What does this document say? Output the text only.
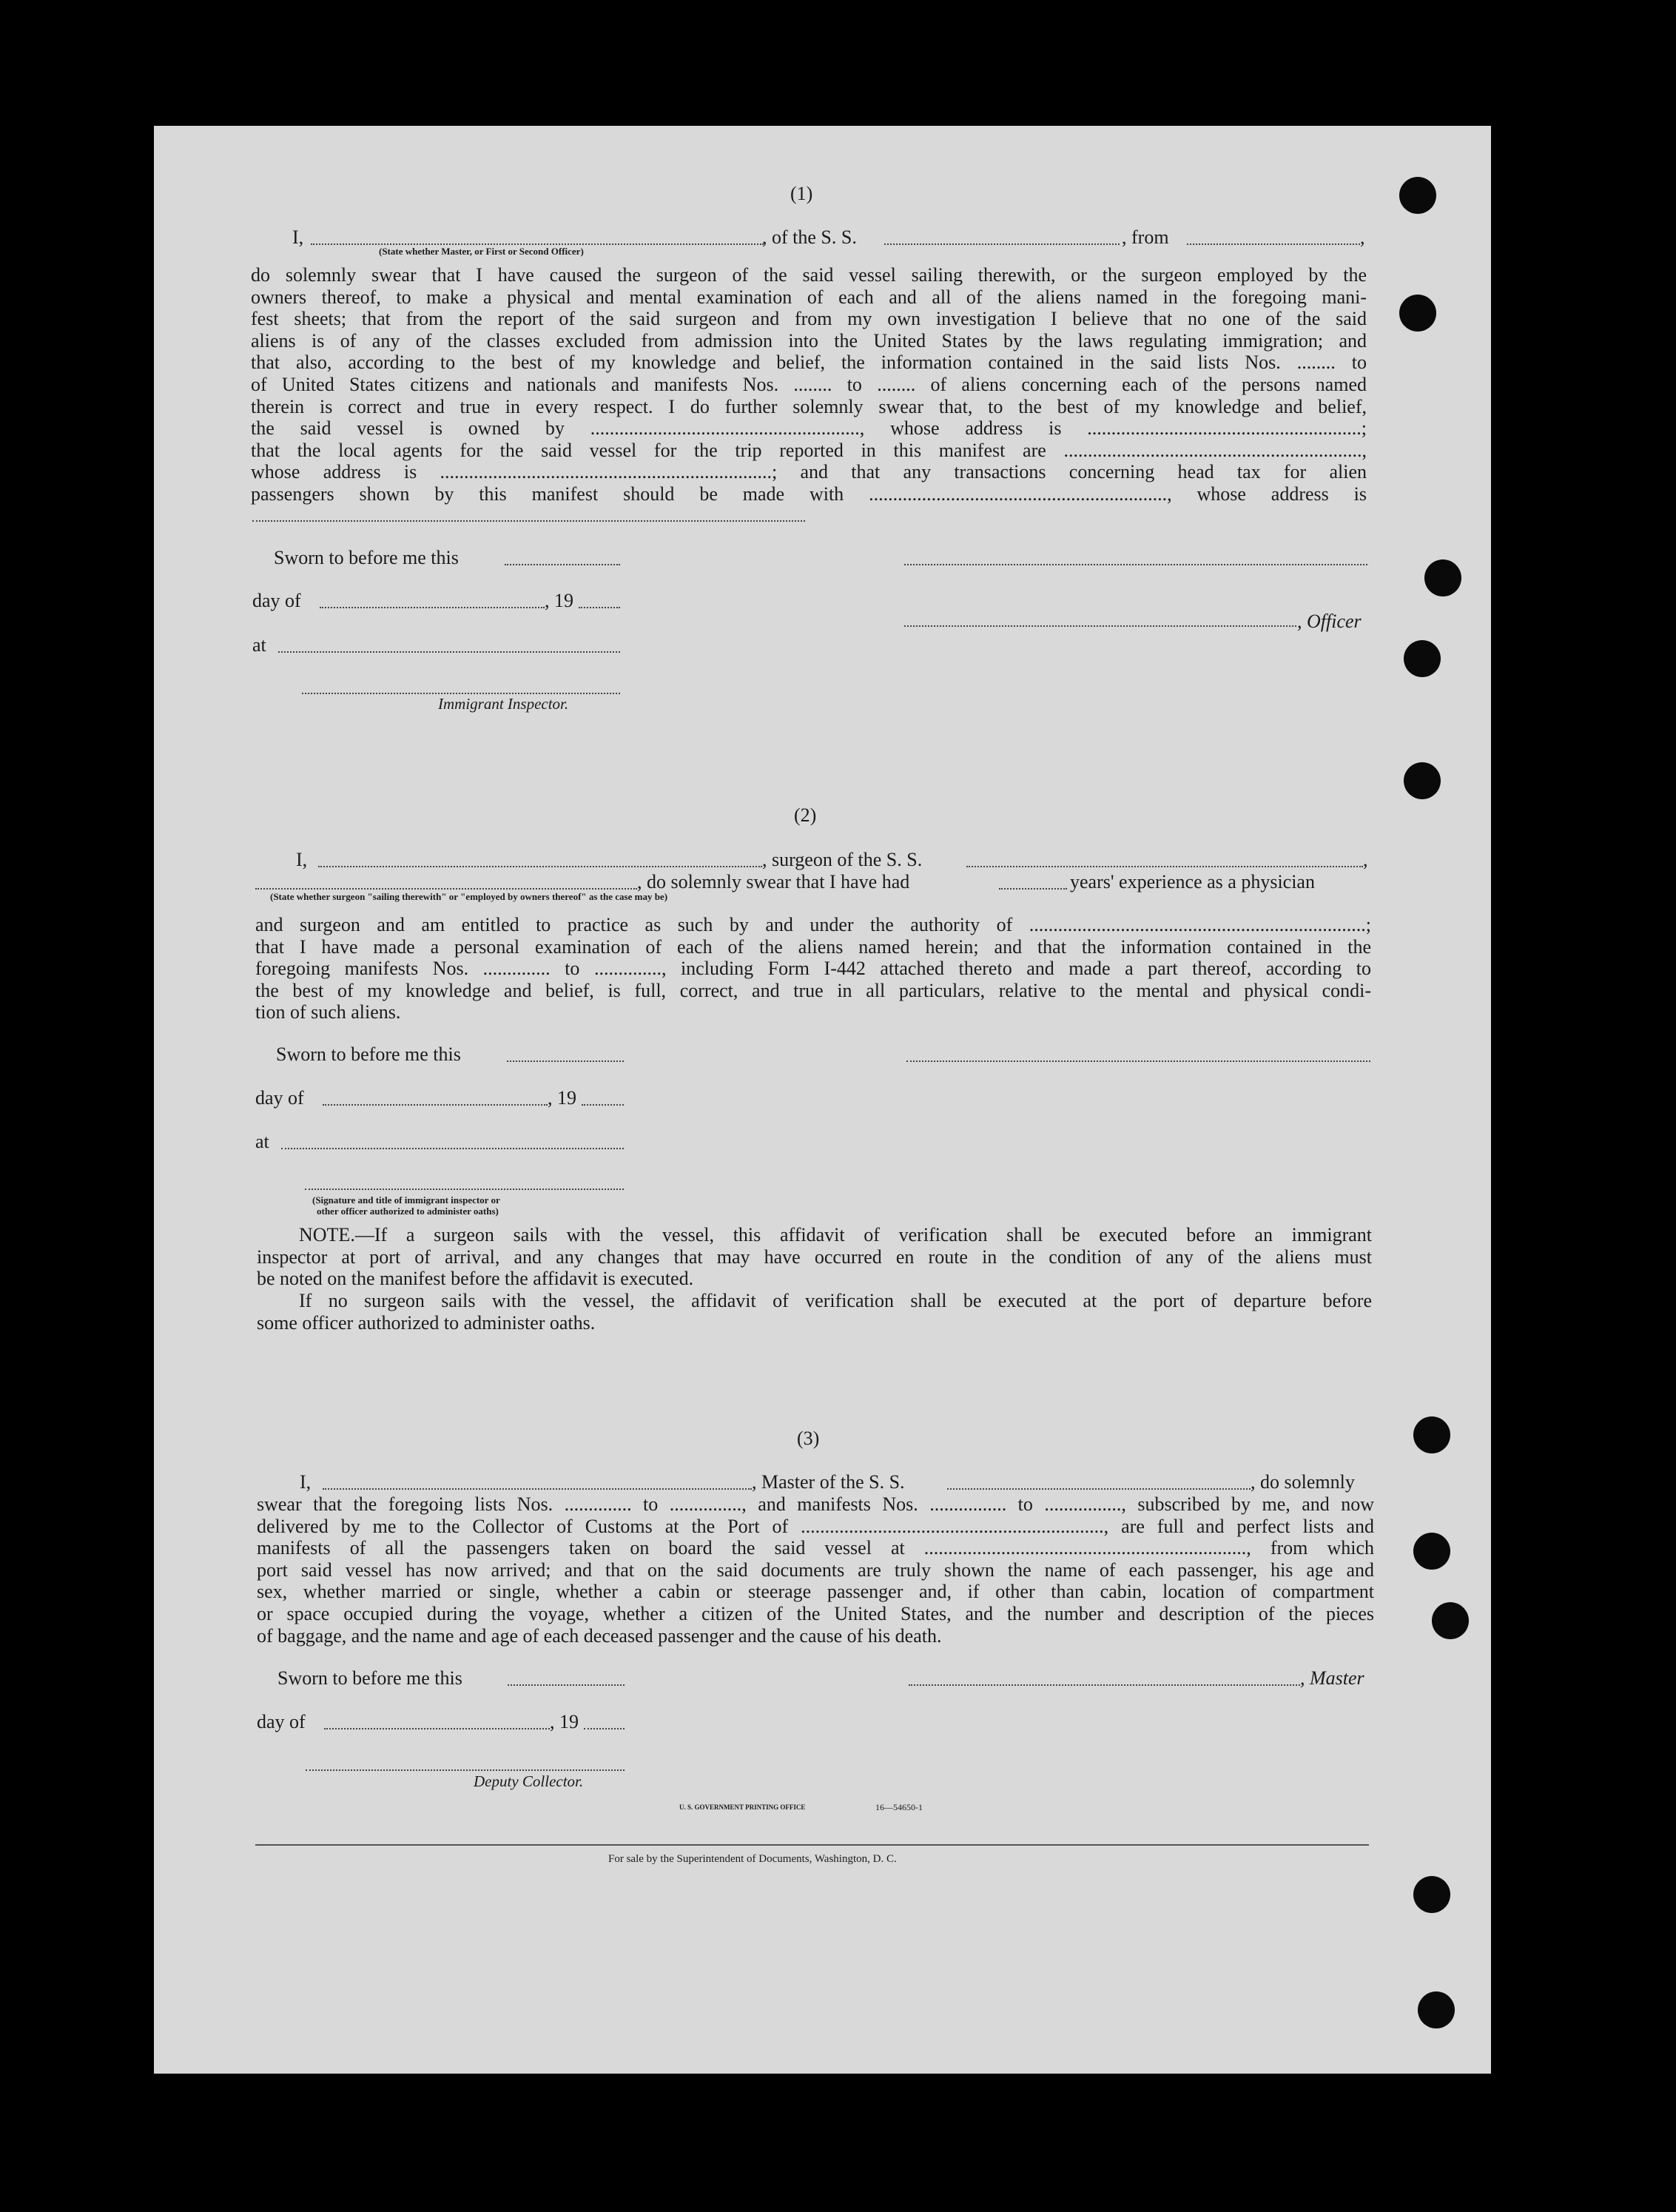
(1)
I,	, of the S. S.	, from	,
(State whether Master, or First or Second Officer)
do solemnly swear that I have caused the surgeon of the said vessel sailing therewith, or the surgeon employed by the
owners thereof, to make a physical and mental examination of each and all of the aliens named in the foregoing mani-
fest sheets; that from the report of the said surgeon and from my own investigation I believe that no one of the said
aliens is of any of the classes excluded from admission into the United States by the laws regulating immigration; and
that also, according to the best of my knowledge and belief, the information contained in the said lists Nos. ........ to
of United States citizens and nationals and manifests Nos. ........ to ........ of aliens concerning each of the persons named
therein is correct and true in every respect. I do further solemnly swear that, to the best of my knowledge and belief,
the said vessel is owned by ........................................................, whose address is .........................................................;
that the local agents for the said vessel for the trip reported in this manifest are ..............................................................,
whose address is .....................................................................; and that any transactions concerning head tax for alien
passengers shown by this manifest should be made with .............................................................., whose address is
Sworn to before me this
day of	, 19
, Officer
at
Immigrant Inspector.
(2)
I,	, surgeon of the S. S.	,
, do solemnly swear that I have had	years' experience as a physician
(State whether surgeon "sailing therewith" or "employed by owners thereof" as the case may be)
and surgeon and am entitled to practice as such by and under the authority of ......................................................................;
that I have made a personal examination of each of the aliens named herein; and that the information contained in the
foregoing manifests Nos. .............. to .............., including Form I-442 attached thereto and made a part thereof, according to
the best of my knowledge and belief, is full, correct, and true in all particulars, relative to the mental and physical condi-
tion of such aliens.
Sworn to before me this
day of	, 19
at
(Signature and title of immigrant inspector or
other officer authorized to administer oaths)
NOTE.—If a surgeon sails with the vessel, this affidavit of verification shall be executed before an immigrant
inspector at port of arrival, and any changes that may have occurred en route in the condition of any of the aliens must
be noted on the manifest before the affidavit is executed.
If no surgeon sails with the vessel, the affidavit of verification shall be executed at the port of departure before
some officer authorized to administer oaths.
(3)
I,	, Master of the S. S.	, do solemnly
swear that the foregoing lists Nos. .............. to ..............., and manifests Nos. ................ to ................, subscribed by me, and now
delivered by me to the Collector of Customs at the Port of ..............................................................., are full and perfect lists and
manifests of all the passengers taken on board the said vessel at ..................................................................., from which
port said vessel has now arrived; and that on the said documents are truly shown the name of each passenger, his age and
sex, whether married or single, whether a cabin or steerage passenger and, if other than cabin, location of compartment
or space occupied during the voyage, whether a citizen of the United States, and the number and description of the pieces
of baggage, and the name and age of each deceased passenger and the cause of his death.
Sworn to before me this	, Master
day of	, 19
Deputy Collector.
U. S. GOVERNMENT PRINTING OFFICE	16—54650-1
For sale by the Superintendent of Documents, Washington, D. C.
